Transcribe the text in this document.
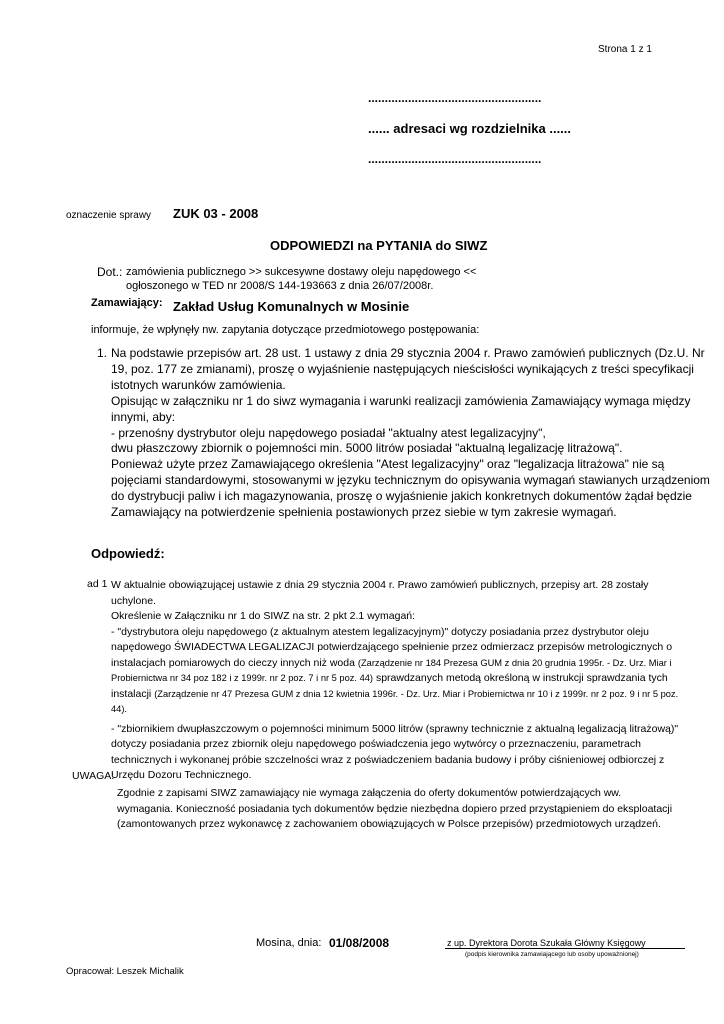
Strona 1 z 1
....................................................
...... adresaci wg rozdzielnika ......
....................................................
oznaczenie sprawy ZUK 03 - 2008
ODPOWIEDZI na PYTANIA do SIWZ
Dot.: zamówienia publicznego >> sukcesywne dostawy oleju napędowego << ogłoszonego w TED nr 2008/S 144-193663 z dnia 26/07/2008r.
Zamawiający: Zakład Usług Komunalnych w Mosinie
informuje, że wpłynęły nw. zapytania dotyczące przedmiotowego postępowania:
1. Na podstawie przepisów art. 28 ust. 1 ustawy z dnia 29 stycznia 2004 r. Prawo zamówień publicznych (Dz.U. Nr 19, poz. 177 ze zmianami), proszę o wyjaśnienie następujących nieścisłości wynikających z treści specyfikacji istotnych warunków zamówienia.

Opisując w załączniku nr 1 do siwz wymagania i warunki realizacji zamówienia Zamawiający wymaga między innymi, aby:

- przenośny dystrybutor oleju napędowego posiadał "aktualny atest legalizacyjny",

dwu płaszczowy zbiornik o pojemności min. 5000 litrów posiadał "aktualną legalizację litrażową".

Ponieważ użyte przez Zamawiającego określenia "Atest legalizacyjny" oraz "legalizacja litrażowa" nie są pojęciami standardowymi, stosowanymi w języku technicznym do opisywania wymagań stawianych urządzeniom do dystrybucji paliw i ich magazynowania, proszę o wyjaśnienie jakich konkretnych dokumentów żądał będzie Zamawiający na potwierdzenie spełnienia postawionych przez siebie w tym zakresie wymagań.

Odpowiedź:
ad 1 W aktualnie obowiązującej ustawie z dnia 29 stycznia 2004 r. Prawo zamówień publicznych, przepisy art. 28 zostały uchylone.

Określenie w Załączniku nr 1 do SIWZ na str. 2 pkt 2.1 wymagań:

- "dystrybutora oleju napędowego (z aktualnym atestem legalizacyjnym)" dotyczy posiadania przez dystrybutor oleju napędowego ŚWIADECTWA LEGALIZACJI potwierdzającego spełnienie przez odmierzacz przepisów metrologicznych o instalacjach pomiarowych do cieczy innych niż woda (Zarządzenie nr 184 Prezesa GUM z dnia 20 grudnia 1995r. - Dz. Urz. Miar i Probiernictwa nr 34 poz 182 i z 1999r. nr 2 poz. 7 i nr 5 poz. 44) sprawdzanych metodą określoną w instrukcji sprawdzania tych instalacji (Zarządzenie nr 47 Prezesa GUM z dnia 12 kwietnia 1996r. - Dz. Urz. Miar i Probiernictwa nr 10 i z 1999r. nr 2 poz. 9 i nr 5 poz. 44).

- "zbiornikiem dwupłaszczowym o pojemności minimum 5000 litrów (sprawny technicznie z aktualną legalizacją litrażową)" dotyczy posiadania przez zbiornik oleju napędowego poświadczenia jego wytwórcy o przeznaczeniu, parametrach technicznych i wykonanej próbie szczelności wraz z poświadczeniem badania budowy i próby ciśnieniowej odbiorczej z Urzędu Dozoru Technicznego.

UWAGA:

Zgodnie z zapisami SIWZ zamawiający nie wymaga załączenia do oferty dokumentów potwierdzających ww. wymagania. Konieczność posiadania tych dokumentów będzie niezbędna dopiero przed przystąpieniem do eksploatacji (zamontowanych przez wykonawcę z zachowaniem obowiązujących w Polsce przepisów) przedmiotowych urządzeń.

Mosina, dnia: 01/08/2008	z up. Dyrektora Dorota Szukała Główny Księgowy
(podpis kierownika zamawiającego lub osoby upoważnionej)
Opracował: Leszek Michalik
